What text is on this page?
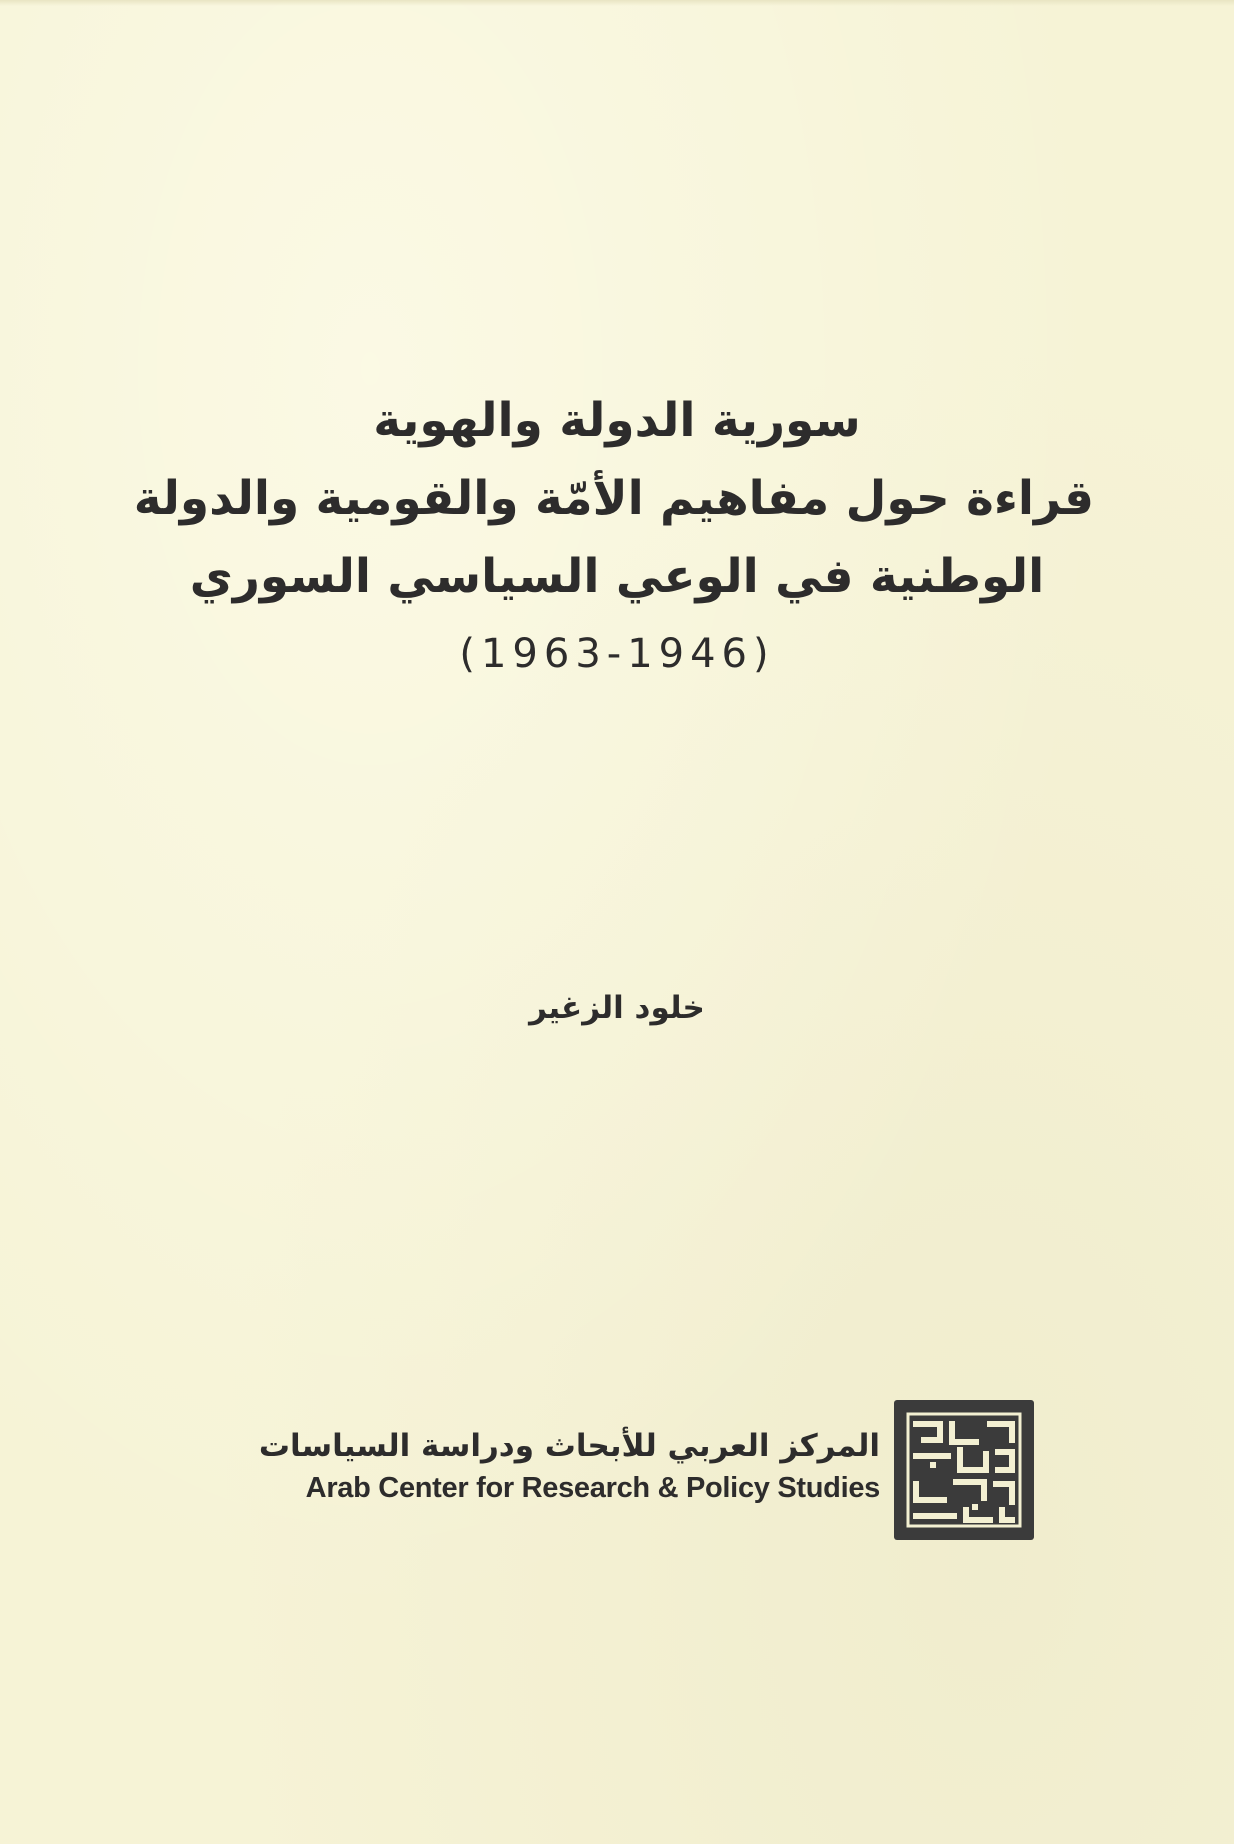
سورية الدولة والهوية
قراءة حول مفاهيم الأمّة والقومية والدولة
الوطنية في الوعي السياسي السوري
(1963-1946)
خلود الزغير
المركز العربي للأبحاث ودراسة السياسات
Arab Center for Research & Policy Studies
